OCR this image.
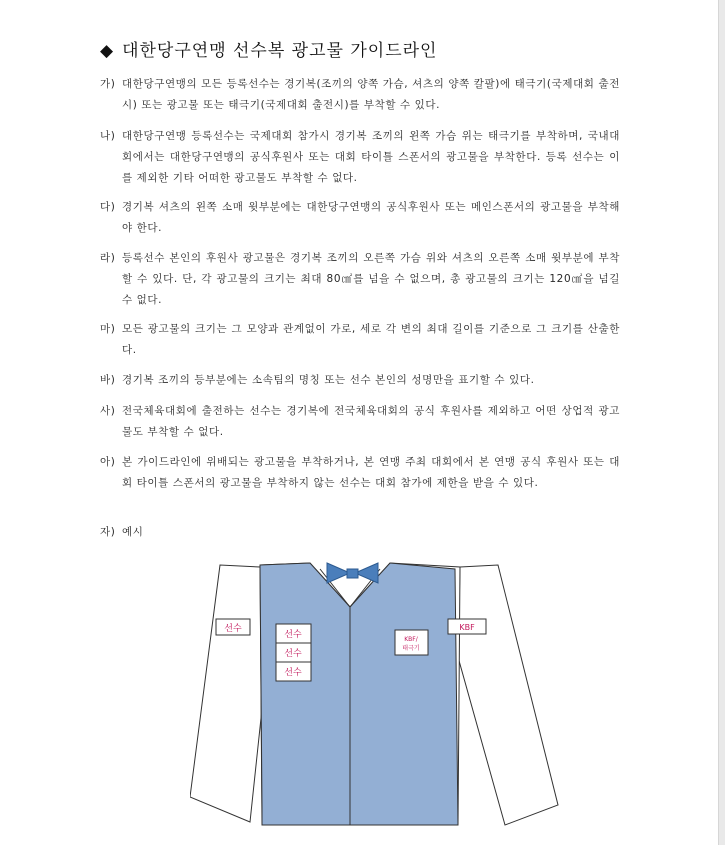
◆ 대한당구연맹 선수복 광고물 가이드라인
가) 대한당구연맹의 모든 등록선수는 경기복(조끼의 양쪽 가슴, 셔츠의 양쪽 칼팔)에 태극기(국제대회 출전시) 또는 광고물 또는 태극기(국제대회 출전시)를 부착할 수 있다.
나) 대한당구연맹 등록선수는 국제대회 참가시 경기복 조끼의 왼쪽 가슴 위는 태극기를 부착하며, 국내대회에서는 대한당구연맹의 공식후원사 또는 대회 타이틀 스폰서의 광고물을 부착한다. 등록 선수는 이를 제외한 기타 어떠한 광고물도 부착할 수 없다.
다) 경기복 셔츠의 왼쪽 소매 윗부분에는 대한당구연맹의 공식후원사 또는 메인스폰서의 광고물을 부착해야 한다.
라) 등록선수 본인의 후원사 광고물은 경기복 조끼의 오른쪽 가슴 위와 셔츠의 오른쪽 소매 윗부분에 부착할 수 있다. 단, 각 광고물의 크기는 최대 80㎠를 넘을 수 없으며, 총 광고물의 크기는 120㎠을 넘길 수 없다.
마) 모든 광고물의 크기는 그 모양과 관계없이 가로, 세로 각 변의 최대 길이를 기준으로 그 크기를 산출한다.
바) 경기복 조끼의 등부분에는 소속팀의 명칭 또는 선수 본인의 성명만을 표기할 수 있다.
사) 전국체육대회에 출전하는 선수는 경기복에 전국체육대회의 공식 후원사를 제외하고 어떤 상업적 광고물도 부착할 수 없다.
아) 본 가이드라인에 위배되는 광고물을 부착하거나, 본 연맹 주최 대회에서 본 연맹 공식 후원사 또는 대회 타이틀 스폰서의 광고물을 부착하지 않는 선수는 대회 참가에 제한을 받을 수 있다.
자) 예시
선수
선수
선수
선수
KBF/
태극기
KBF
